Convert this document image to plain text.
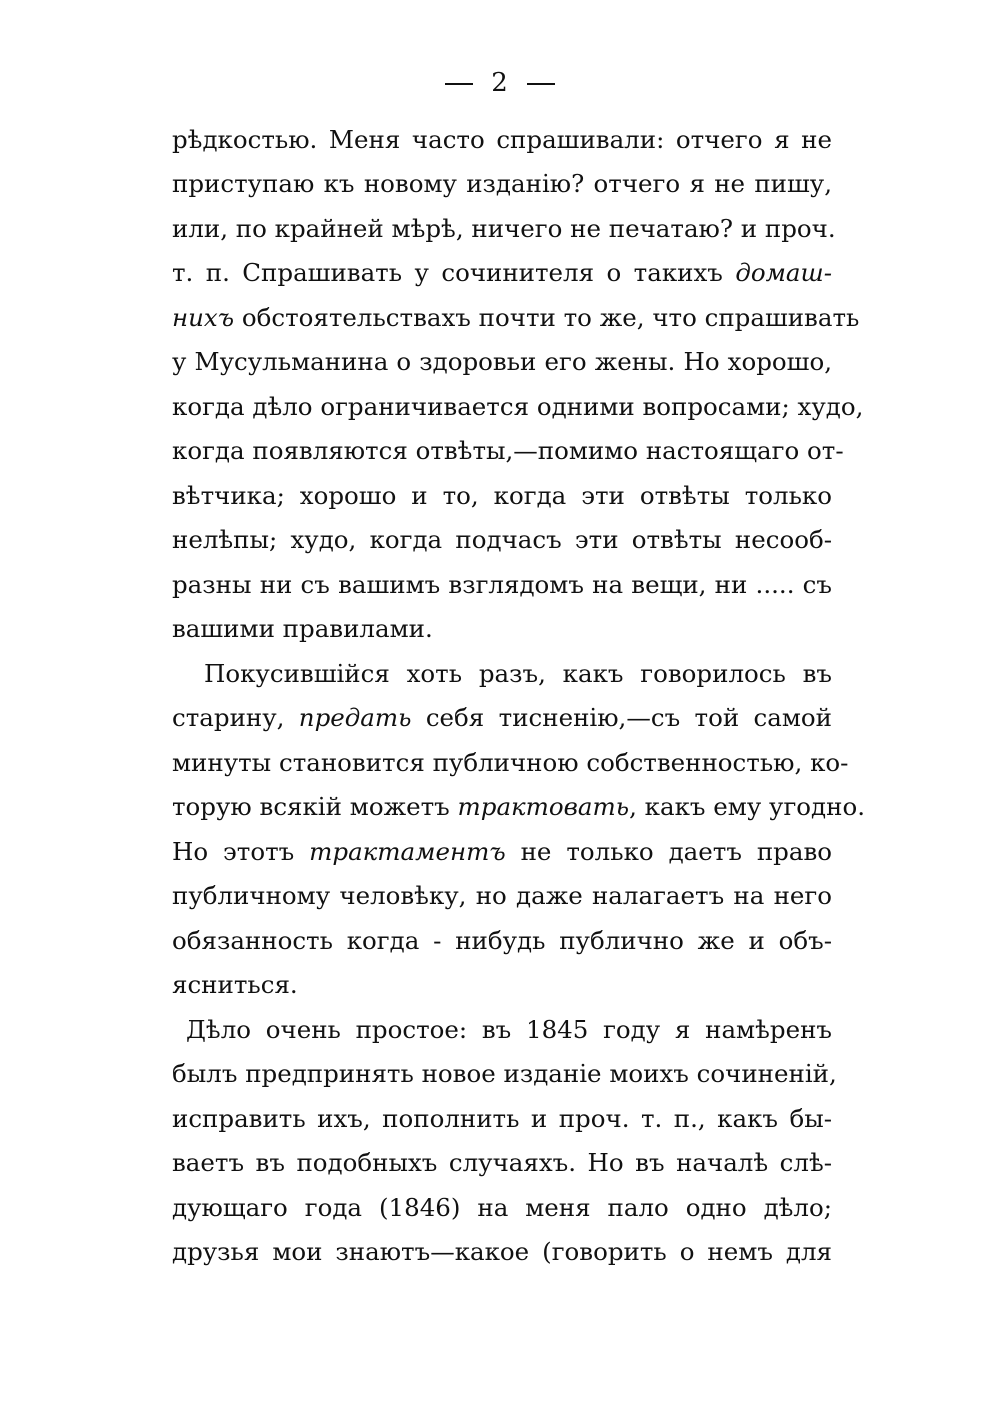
2
рѣдкостью. Меня часто спрашивали: отчего я не
приступаю къ новому изданію? отчего я не пишу,
или, по крайней мѣрѣ, ничего не печатаю? и проч.
т. п. Спрашивать у сочинителя о такихъ домаш-
нихъ обстоятельствахъ почти то же, что спрашивать
у Мусульманина о здоровьи его жены. Но хорошо,
когда дѣло ограничивается одними вопросами; худо,
когда появляются отвѣты,—помимо настоящаго от-
вѣтчика; хорошо и то, когда эти отвѣты только
нелѣпы; худо, когда подчасъ эти отвѣты несооб-
разны ни съ вашимъ взглядомъ на вещи, ни ..... съ
вашими правилами.
Покусившійся хоть разъ, какъ говорилось въ
старину, предать себя тисненію,—съ той самой
минуты становится публичною собственностью, ко-
торую всякій можетъ трактовать, какъ ему угодно.
Но этотъ трактаментъ не только даетъ право
публичному человѣку, но даже налагаетъ на него
обязанность когда - нибудь публично же и объ-
ясниться.
Дѣло очень простое: въ 1845 году я намѣренъ
былъ предпринять новое изданіе моихъ сочиненій,
исправить ихъ, пополнить и проч. т. п., какъ бы-
ваетъ въ подобныхъ случаяхъ. Но въ началѣ слѣ-
дующаго года (1846) на меня пало одно дѣло;
друзья мои знаютъ—какое (говорить о немъ для
